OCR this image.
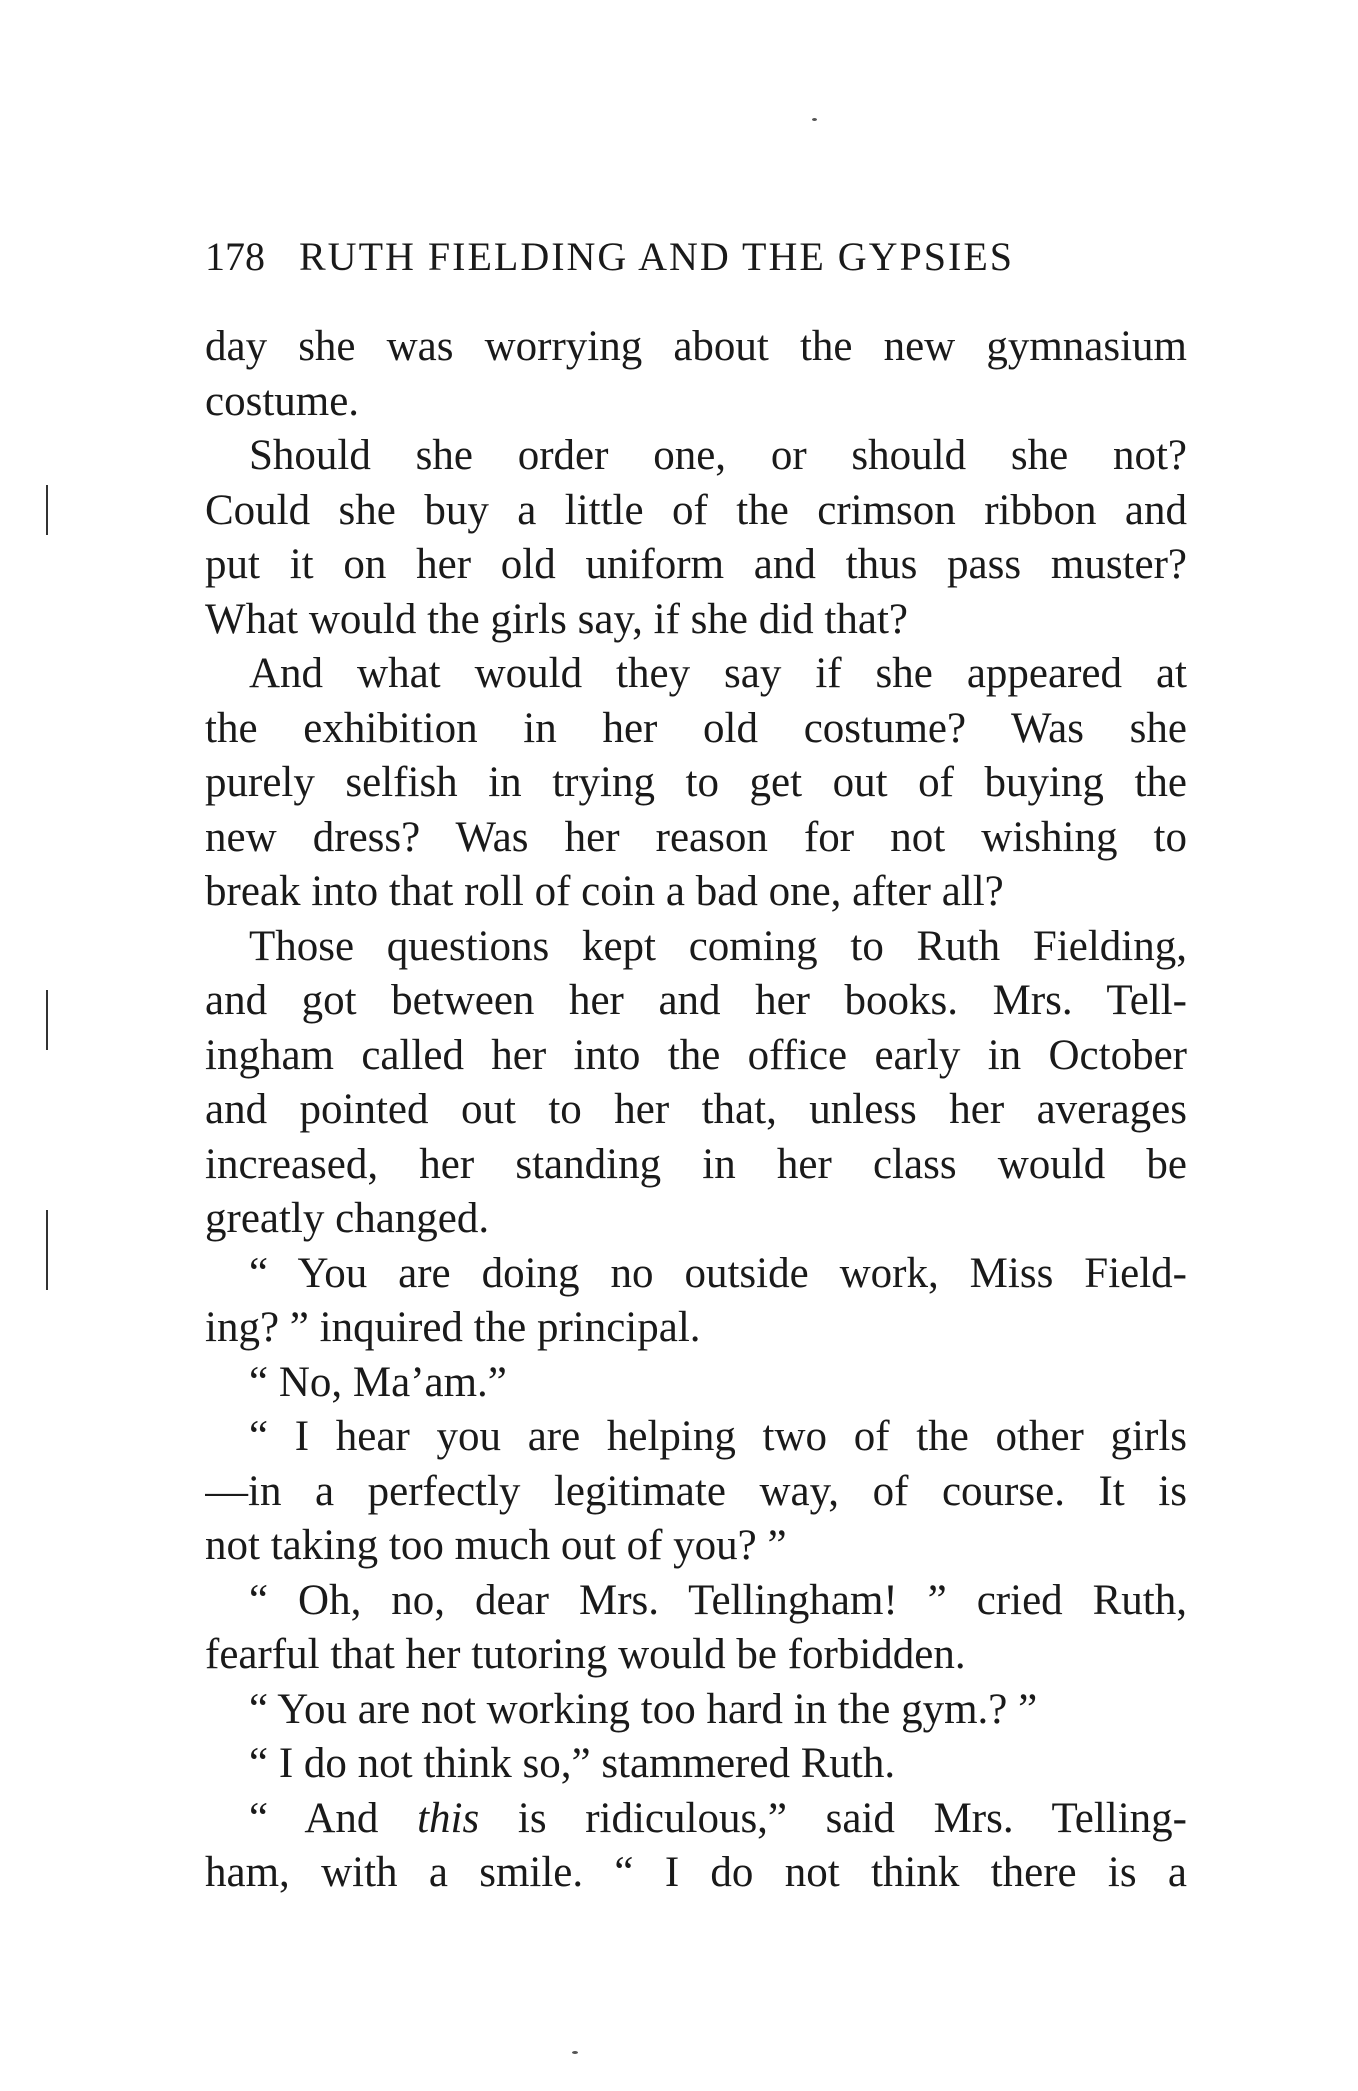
178 RUTH FIELDING AND THE GYPSIES
day she was worrying about the new gymnasium
costume.
Should she order one, or should she not?
Could she buy a little of the crimson ribbon and
put it on her old uniform and thus pass muster?
What would the girls say, if she did that?
And what would they say if she appeared at
the exhibition in her old costume? Was she
purely selfish in trying to get out of buying the
new dress? Was her reason for not wishing to
break into that roll of coin a bad one, after all?
Those questions kept coming to Ruth Fielding,
and got between her and her books. Mrs. Tell-
ingham called her into the office early in October
and pointed out to her that, unless her averages
increased, her standing in her class would be
greatly changed.
“ You are doing no outside work, Miss Field-
ing? ” inquired the principal.
“ No, Ma’am.”
“ I hear you are helping two of the other girls
—in a perfectly legitimate way, of course. It is
not taking too much out of you? ”
“ Oh, no, dear Mrs. Tellingham! ” cried Ruth,
fearful that her tutoring would be forbidden.
“ You are not working too hard in the gym.? ”
“ I do not think so,” stammered Ruth.
“ And this is ridiculous,” said Mrs. Telling-
ham, with a smile. “ I do not think there is a
